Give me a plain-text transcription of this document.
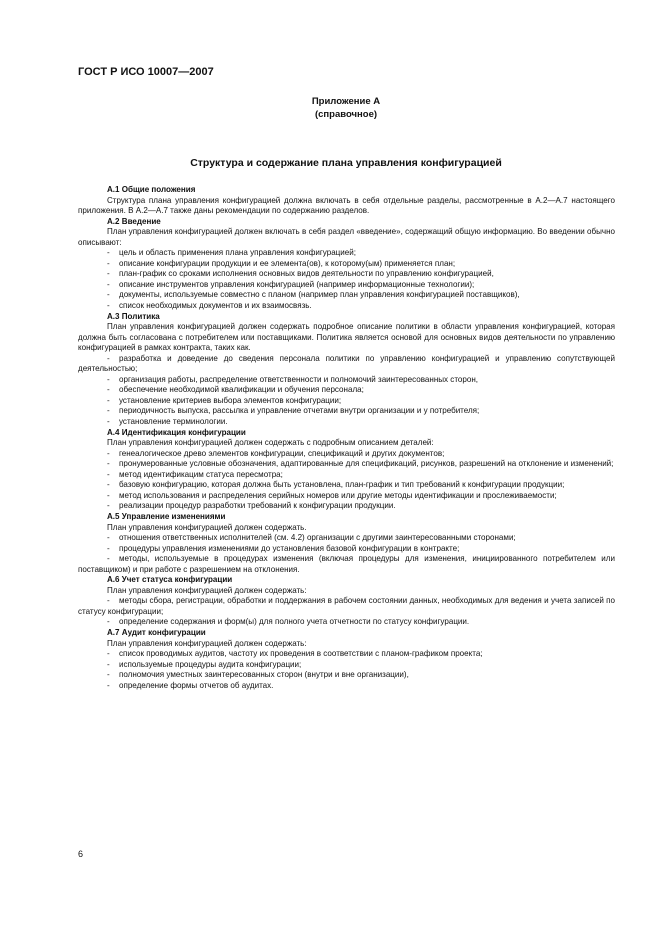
ГОСТ Р ИСО 10007—2007
Приложение А
(справочное)
Структура и содержание плана управления конфигурацией
А.1 Общие положения
Структура плана управления конфигурацией должна включать в себя отдельные разделы, рассмотренные в А.2—А.7 настоящего приложения. В А.2—А.7 также даны рекомендации по содержанию разделов.
А.2 Введение
План управления конфигурацией должен включать в себя раздел «введение», содержащий общую информацию. Во введении обычно описывают:
- цель и область применения плана управления конфигурацией;
- описание конфигурации продукции и ее элемента(ов), к которому(ым) применяется план;
- план-график со сроками исполнения основных видов деятельности по управлению конфигурацией,
- описание инструментов управления конфигурацией (например информационные технологии);
- документы, используемые совместно с планом (например план управления конфигурацией поставщиков),
- список необходимых документов и их взаимосвязь.
А.3 Политика
План управления конфигурацией должен содержать подробное описание политики в области управления конфигурацией, которая должна быть согласована с потребителем или поставщиками. Политика является основой для основных видов деятельности по управлению конфигурацией в рамках контракта, таких как.
- разработка и доведение до сведения персонала политики по управлению конфигурацией и управлению сопутствующей деятельностью;
- организация работы, распределение ответственности и полномочий заинтересованных сторон,
- обеспечение необходимой квалификации и обучения персонала;
- установление критериев выбора элементов конфигурации;
- периодичность выпуска, рассылка и управление отчетами внутри организации и у потребителя;
- установление терминологии.
А.4 Идентификация конфигурации
План управления конфигурацией должен содержать с подробным описанием деталей:
- генеалогическое древо элементов конфигурации, спецификаций и других документов;
- пронумерованные условные обозначения, адаптированные для спецификаций, рисунков, разрешений на отклонение и изменений;
- метод идентификацим статуса пересмотра;
- базовую конфигурацию, которая должна быть установлена, план-график и тип требований к конфигурации продукции;
- метод использования и распределения серийных номеров или другие методы идентификации и прослеживаемости;
- реализации процедур разработки требований к конфигурации продукции.
А.5 Управление изменениями
План управления конфигурацией должен содержать.
- отношения ответственных исполнителей (см. 4.2) организации с другими заинтересованными сторонами;
- процедуры управления изменениями до установления базовой конфигурации в контракте;
- методы, используемые в процедурах изменения (включая процедуры для изменения, инициированного потребителем или поставщиком) и при работе с разрешением на отклонения.
А.6 Учет статуса конфигурации
План управления конфигурацией должен содержать:
- методы сбора, регистрации, обработки и поддержания в рабочем состоянии данных, необходимых для ведения и учета записей по статусу конфигурации;
- определение содержания и форм(ы) для полного учета отчетности по статусу конфигурации.
А.7 Аудит конфигурации
План управления конфигурацией должен содержать:
- список проводимых аудитов, частоту их проведения в соответствии с планом-графиком проекта;
- используемые процедуры аудита конфигурации;
- полномочия уместных заинтересованных сторон (внутри и вне организации),
- определение формы отчетов об аудитах.
6
